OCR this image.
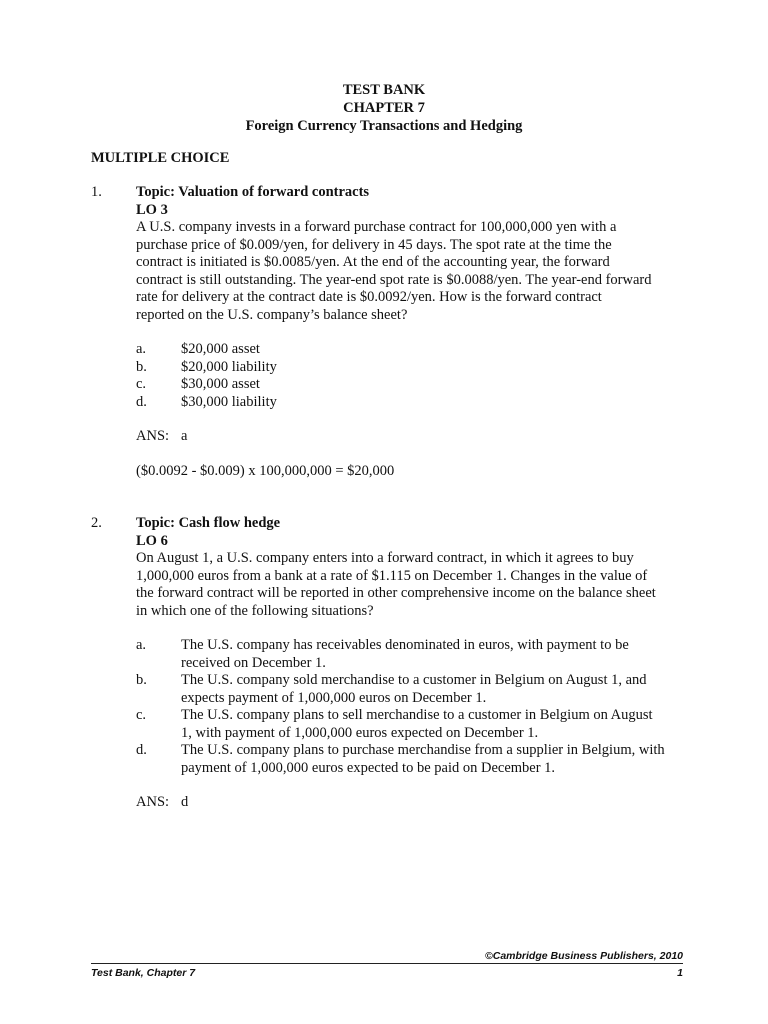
TEST BANK
CHAPTER 7
Foreign Currency Transactions and Hedging
MULTIPLE CHOICE
1. Topic: Valuation of forward contracts
LO 3
A U.S. company invests in a forward purchase contract for 100,000,000 yen with a
purchase price of $0.009/yen, for delivery in 45 days. The spot rate at the time the
contract is initiated is $0.0085/yen. At the end of the accounting year, the forward
contract is still outstanding. The year-end spot rate is $0.0088/yen. The year-end forward
rate for delivery at the contract date is $0.0092/yen. How is the forward contract
reported on the U.S. company’s balance sheet?
a. $20,000 asset
b. $20,000 liability
c. $30,000 asset
d. $30,000 liability
ANS: a
($0.0092 - $0.009) x 100,000,000 = $20,000
2. Topic: Cash flow hedge
LO 6
On August 1, a U.S. company enters into a forward contract, in which it agrees to buy
1,000,000 euros from a bank at a rate of $1.115 on December 1. Changes in the value of
the forward contract will be reported in other comprehensive income on the balance sheet
in which one of the following situations?
a. The U.S. company has receivables denominated in euros, with payment to be
received on December 1.
b. The U.S. company sold merchandise to a customer in Belgium on August 1, and
expects payment of 1,000,000 euros on December 1.
c. The U.S. company plans to sell merchandise to a customer in Belgium on August
1, with payment of 1,000,000 euros expected on December 1.
d. The U.S. company plans to purchase merchandise from a supplier in Belgium, with
payment of 1,000,000 euros expected to be paid on December 1.
ANS: d
©Cambridge Business Publishers, 2010
Test Bank, Chapter 7	1
